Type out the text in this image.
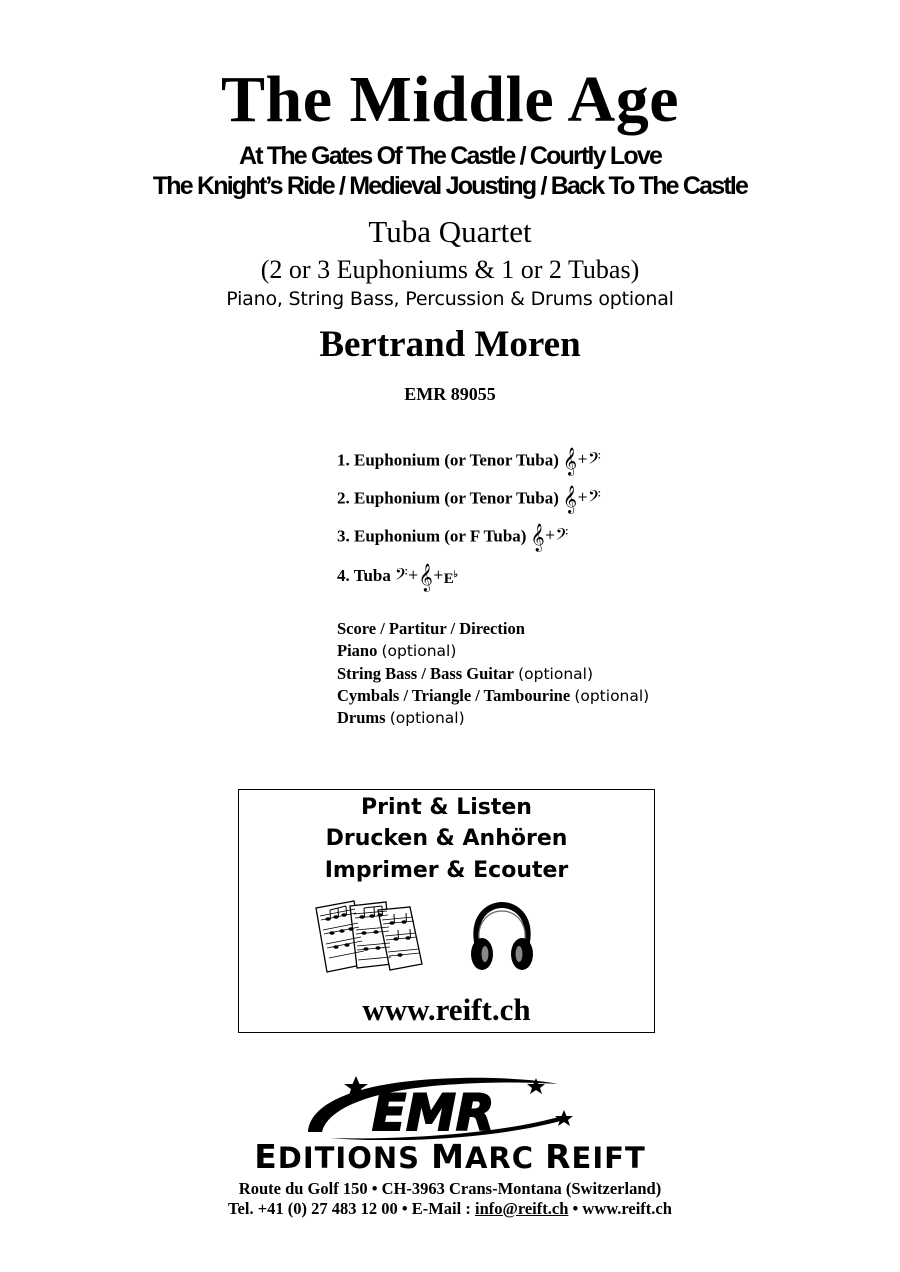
The Middle Age
At The Gates Of The Castle / Courtly Love
The Knight’s Ride / Medieval Jousting / Back To The Castle
Tuba Quartet
(2 or 3 Euphoniums & 1 or 2 Tubas)
Piano, String Bass, Percussion & Drums optional
Bertrand Moren
EMR 89055
1. Euphonium (or Tenor Tuba) 𝄞+𝄢
2. Euphonium (or Tenor Tuba) 𝄞+𝄢
3. Euphonium (or F Tuba) 𝄞+𝄢
4. Tuba 𝄢+𝄞+E♭
Score / Partitur / Direction
Piano (optional)
String Bass / Bass Guitar (optional)
Cymbals / Triangle / Tambourine (optional)
Drums (optional)
Print & Listen
Drucken & Anhören
Imprimer & Ecouter
www.reift.ch
EMR
EDITIONS MARC REIFT
Route du Golf 150 • CH-3963 Crans-Montana (Switzerland)
Tel. +41 (0) 27 483 12 00 • E-Mail : info@reift.ch • www.reift.ch
